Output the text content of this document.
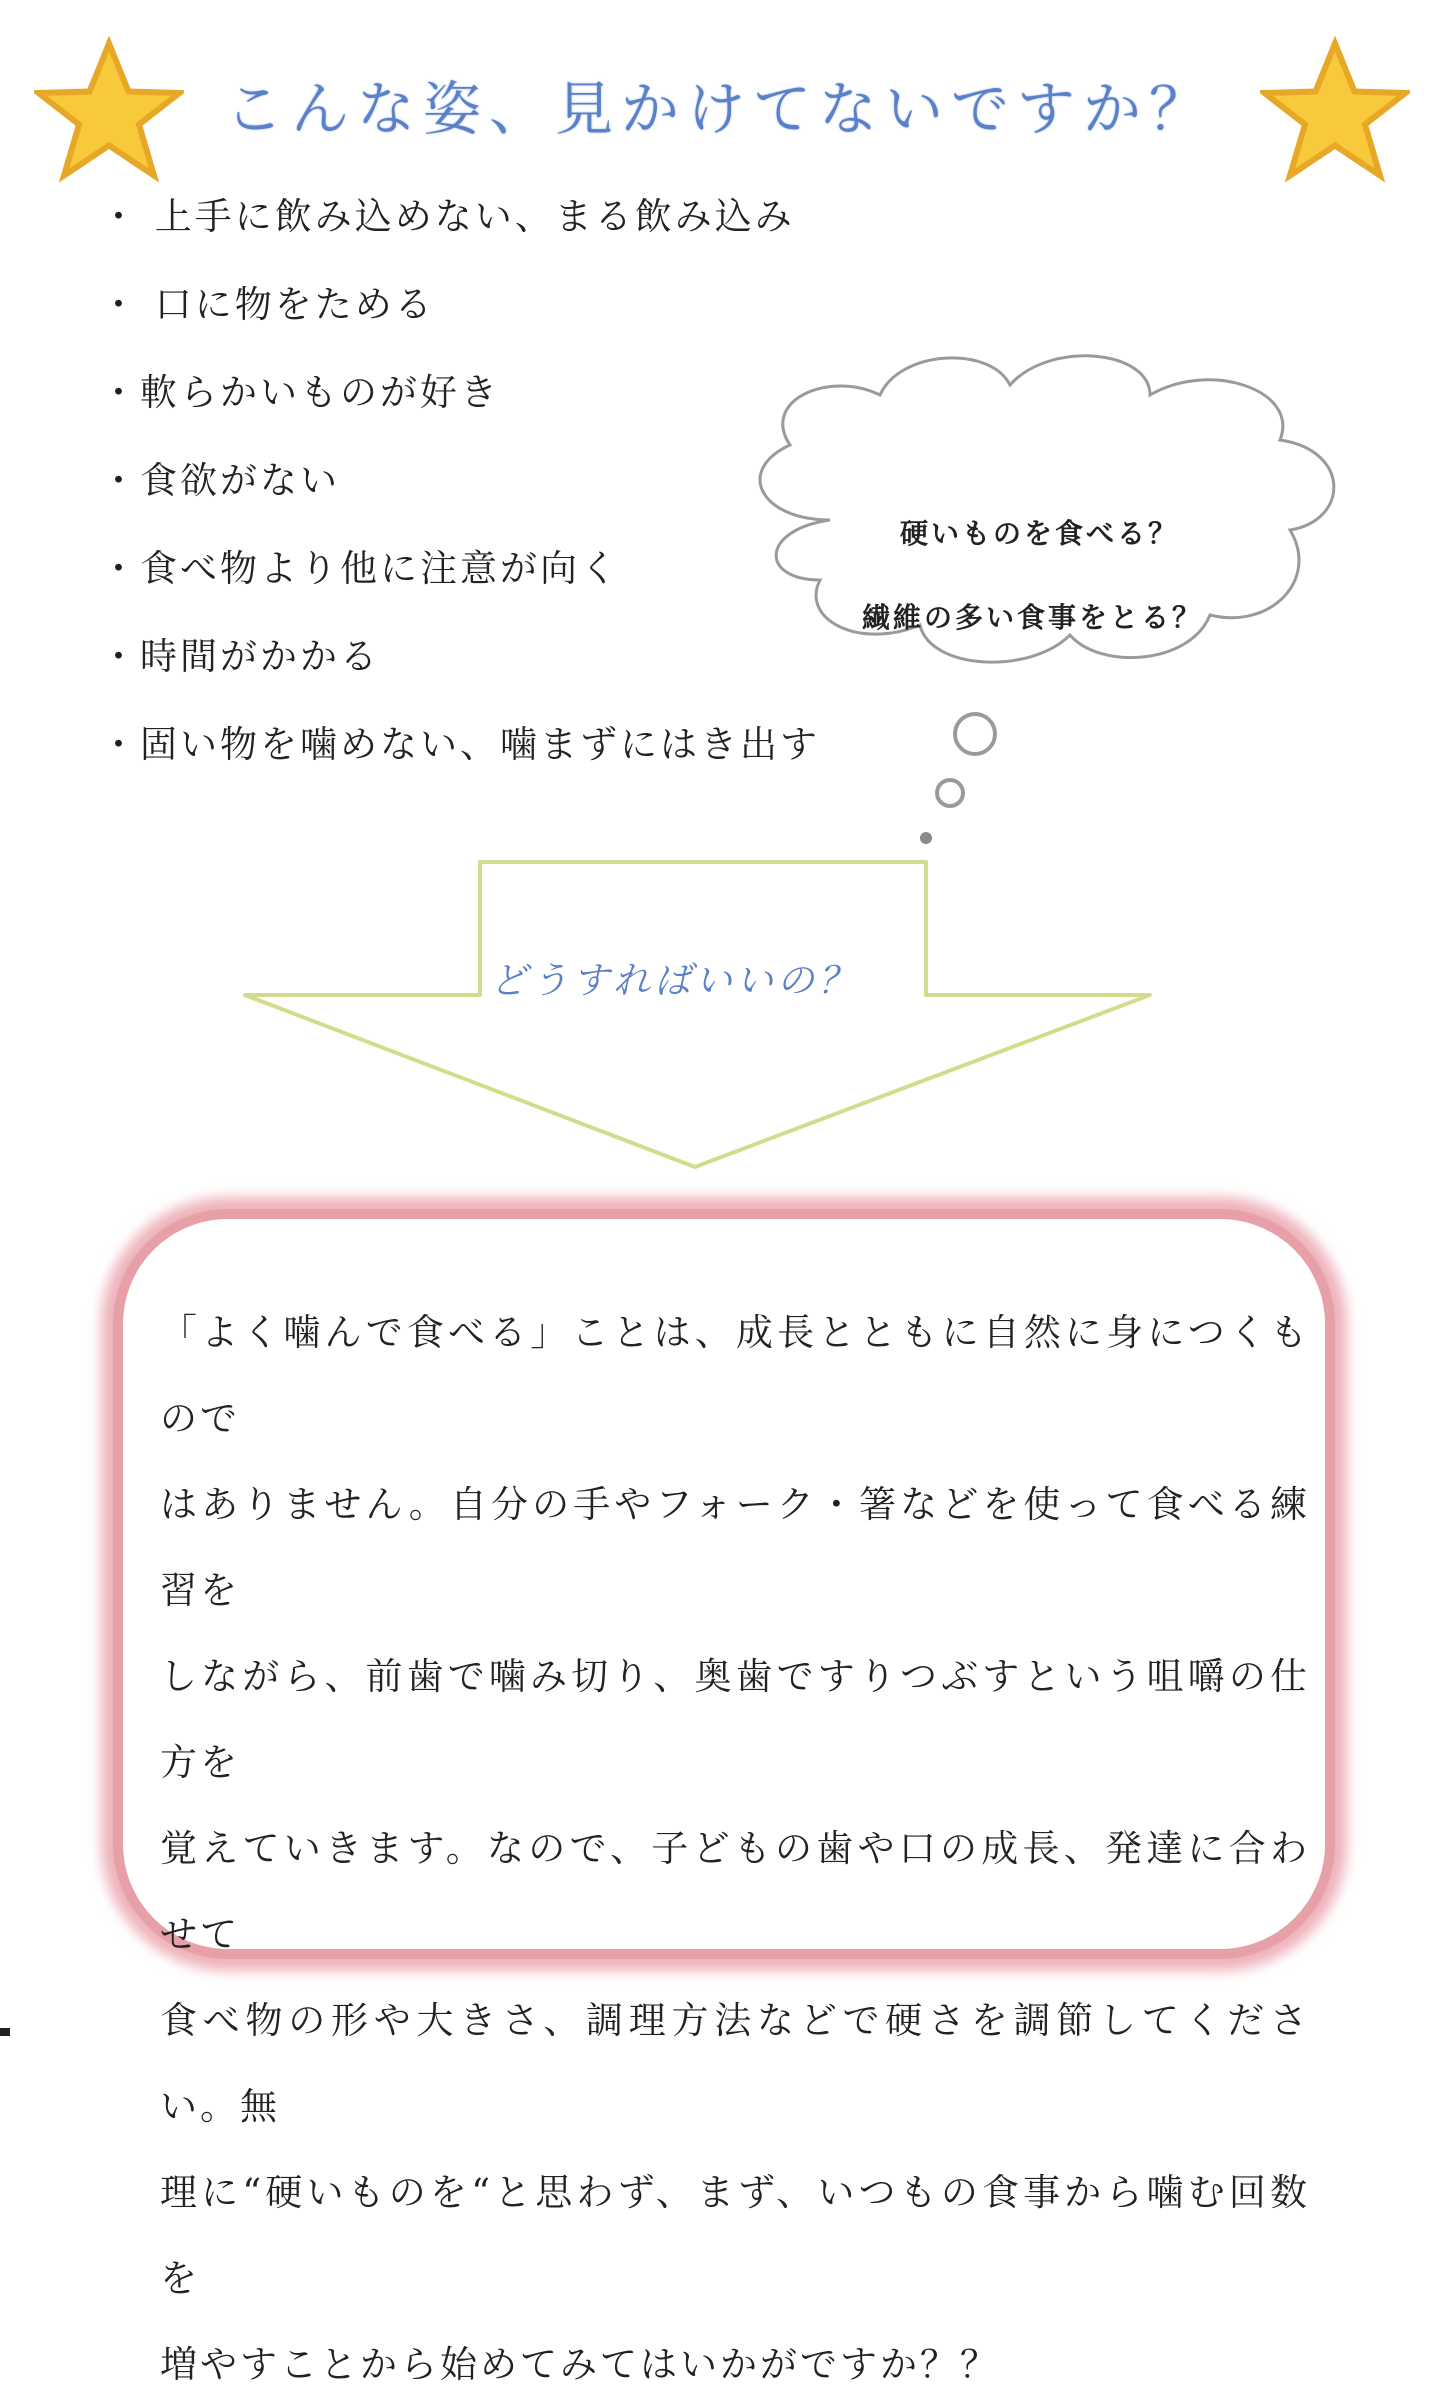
こんな姿、見かけてないですか？
・ 上手に飲み込めない、まる飲み込み
・ 口に物をためる
・軟らかいものが好き
・食欲がない
・食べ物より他に注意が向く
・時間がかかる
・固い物を噛めない、噛まずにはき出す
硬いものを食べる？
繊維の多い食事をとる？
どうすればいいの？
「よく噛んで食べる」ことは、成長とともに自然に身につくもので
はありません。自分の手やフォーク・箸などを使って食べる練習を
しながら、前歯で噛み切り、奥歯ですりつぶすという咀嚼の仕方を
覚えていきます。なので、子どもの歯や口の成長、発達に合わせて
食べ物の形や大きさ、調理方法などで硬さを調節してください。無
理に“硬いものを“と思わず、まず、いつもの食事から噛む回数を
増やすことから始めてみてはいかがですか？？
